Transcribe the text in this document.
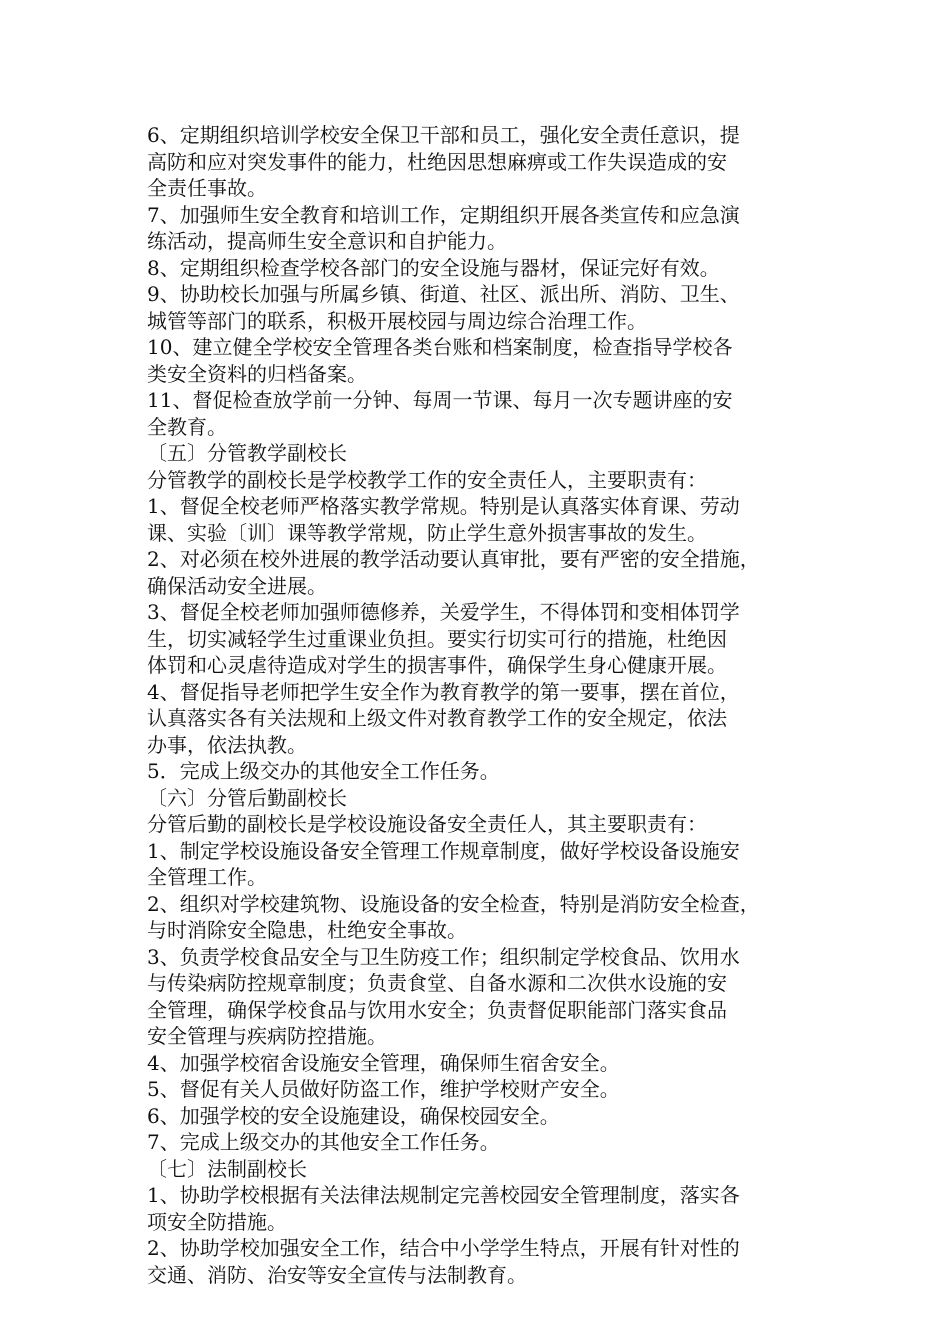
6、定期组织培训学校安全保卫干部和员工，强化安全责任意识，提

高防和应对突发事件的能力，杜绝因思想麻痹或工作失误造成的安

全责任事故。

7、加强师生安全教育和培训工作，定期组织开展各类宣传和应急演

练活动，提高师生安全意识和自护能力。

8、定期组织检查学校各部门的安全设施与器材，保证完好有效。

9、协助校长加强与所属乡镇、街道、社区、派出所、消防、卫生、

城管等部门的联系，积极开展校园与周边综合治理工作。

10、建立健全学校安全管理各类台账和档案制度，检查指导学校各

类安全资料的归档备案。

11、督促检查放学前一分钟、每周一节课、每月一次专题讲座的安

全教育。

〔五〕分管教学副校长

分管教学的副校长是学校教学工作的安全责任人，主要职责有：

1、督促全校老师严格落实教学常规。特别是认真落实体育课、劳动

课、实验〔训〕课等教学常规，防止学生意外损害事故的发生。

2、对必须在校外进展的教学活动要认真审批，要有严密的安全措施，

确保活动安全进展。

3、督促全校老师加强师德修养，关爱学生，不得体罚和变相体罚学

生，切实减轻学生过重课业负担。要实行切实可行的措施，杜绝因

体罚和心灵虐待造成对学生的损害事件，确保学生身心健康开展。

4、督促指导老师把学生安全作为教育教学的第一要事，摆在首位，

认真落实各有关法规和上级文件对教育教学工作的安全规定，依法

办事，依法执教。

5．完成上级交办的其他安全工作任务。

〔六〕分管后勤副校长

分管后勤的副校长是学校设施设备安全责任人，其主要职责有：

1、制定学校设施设备安全管理工作规章制度，做好学校设备设施安

全管理工作。

2、组织对学校建筑物、设施设备的安全检查，特别是消防安全检查，

与时消除安全隐患，杜绝安全事故。

3、负责学校食品安全与卫生防疫工作；组织制定学校食品、饮用水

与传染病防控规章制度；负责食堂、自备水源和二次供水设施的安

全管理，确保学校食品与饮用水安全；负责督促职能部门落实食品

安全管理与疾病防控措施。

4、加强学校宿舍设施安全管理，确保师生宿舍安全。

5、督促有关人员做好防盗工作，维护学校财产安全。

6、加强学校的安全设施建设，确保校园安全。

7、完成上级交办的其他安全工作任务。

〔七〕法制副校长

1、协助学校根据有关法律法规制定完善校园安全管理制度，落实各

项安全防措施。

2、协助学校加强安全工作，结合中小学学生特点，开展有针对性的

交通、消防、治安等安全宣传与法制教育。
